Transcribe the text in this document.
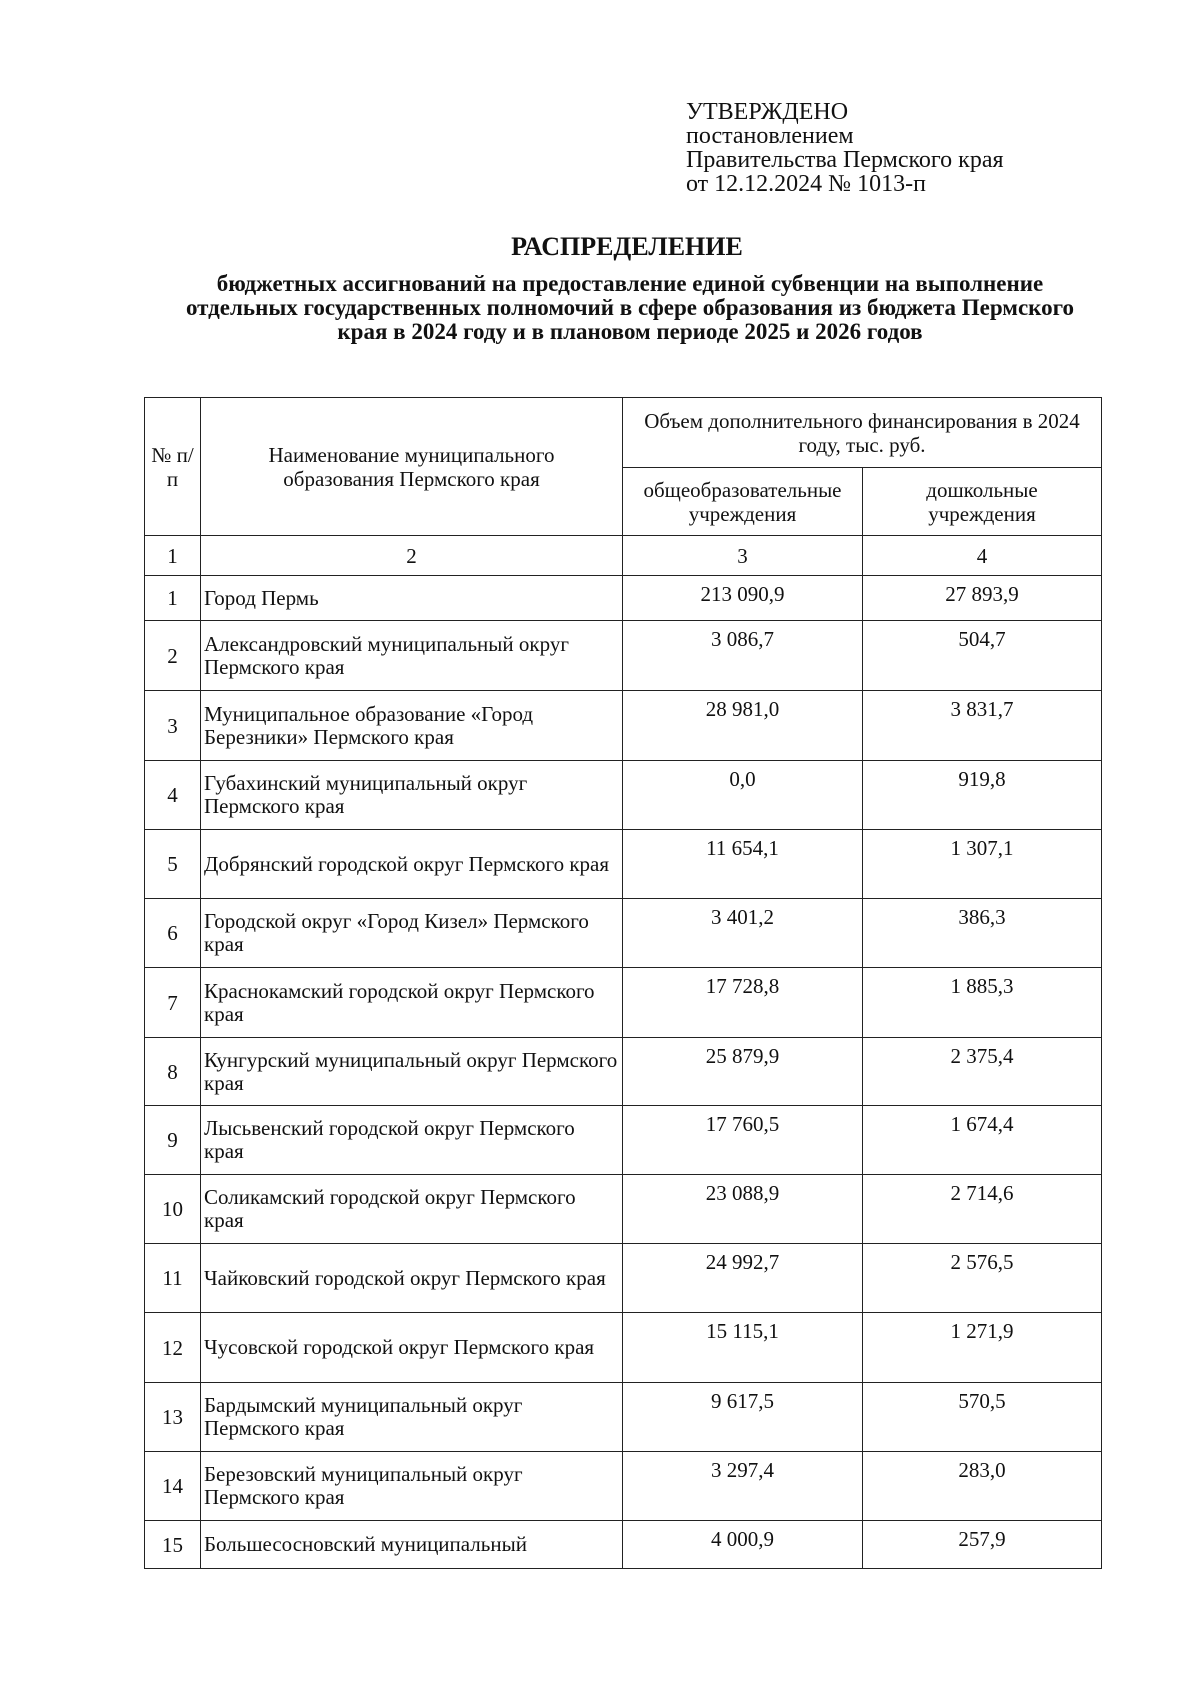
УТВЕРЖДЕНО
постановлением
Правительства Пермского края
от 12.12.2024 № 1013-п
РАСПРЕДЕЛЕНИЕ
бюджетных ассигнований на предоставление единой субвенции на выполнение отдельных государственных полномочий в сфере образования из бюджета Пермского края в 2024 году и в плановом периоде 2025 и 2026 годов
№ п/п	Наименование муниципального образования Пермского края	Объем дополнительного финансирования в 2024 году, тыс. руб.	
		общеобразовательные учреждения	дошкольные учреждения
1	2	3	4
1	Город Пермь	213 090,9	27 893,9
2	Александровский муниципальный округ Пермского края	3 086,7	504,7
3	Муниципальное образование «Город Березники» Пермского края	28 981,0	3 831,7
4	Губахинский муниципальный округ Пермского края	0,0	919,8
5	Добрянский городской округ Пермского края	11 654,1	1 307,1
6	Городской округ «Город Кизел» Пермского края	3 401,2	386,3
7	Краснокамский городской округ Пермского края	17 728,8	1 885,3
8	Кунгурский муниципальный округ Пермского края	25 879,9	2 375,4
9	Лысьвенский городской округ Пермского края	17 760,5	1 674,4
10	Соликамский городской округ Пермского края	23 088,9	2 714,6
11	Чайковский городской округ Пермского края	24 992,7	2 576,5
12	Чусовской городской округ Пермского края	15 115,1	1 271,9
13	Бардымский муниципальный округ Пермского края	9 617,5	570,5
14	Березовский муниципальный округ Пермского края	3 297,4	283,0
15	Большесосновский муниципальный	4 000,9	257,9
